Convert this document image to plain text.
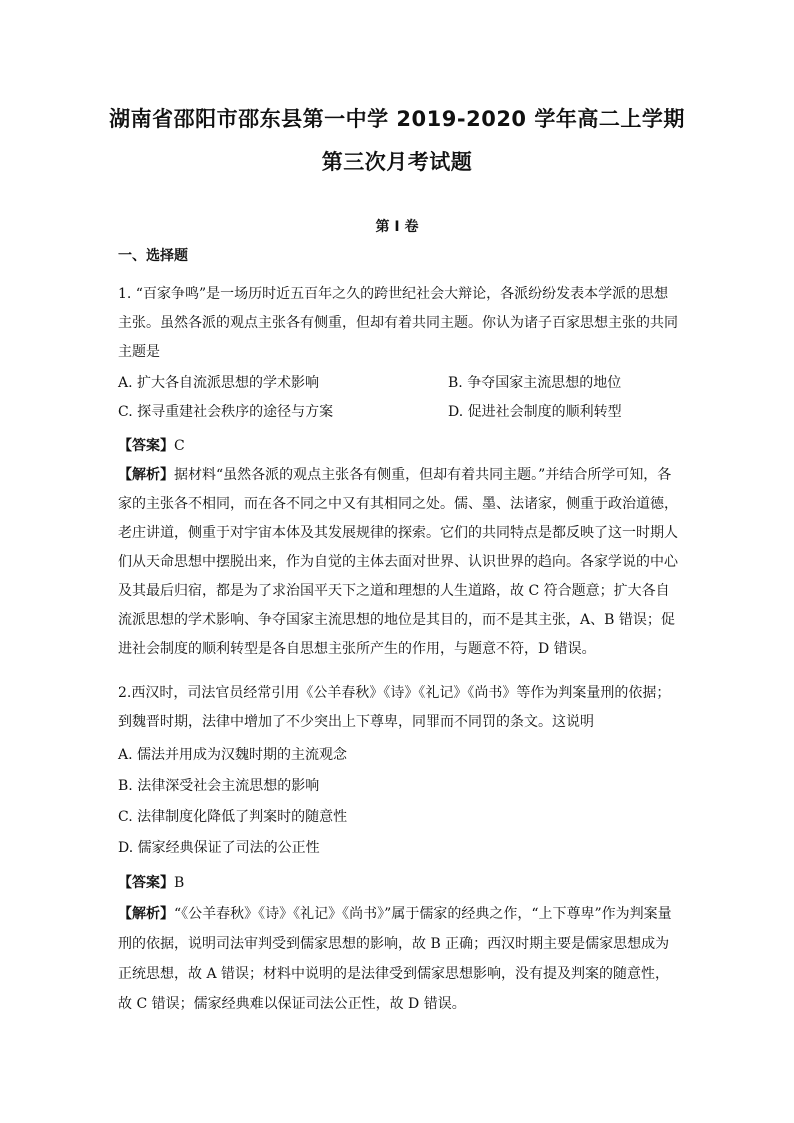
湖南省邵阳市邵东县第一中学 2019-2020 学年高二上学期
第三次月考试题
第 I 卷
一、选择题
1. “百家争鸣”是一场历时近五百年之久的跨世纪社会大辩论，各派纷纷发表本学派的思想主张。虽然各派的观点主张各有侧重，但却有着共同主题。你认为诸子百家思想主张的共同主题是
A. 扩大各自流派思想的学术影响	B. 争夺国家主流思想的地位
C. 探寻重建社会秩序的途径与方案	D. 促进社会制度的顺利转型
【答案】C
【解析】据材料“虽然各派的观点主张各有侧重，但却有着共同主题。”并结合所学可知，各家的主张各不相同，而在各不同之中又有其相同之处。儒、墨、法诸家，侧重于政治道德，老庄讲道，侧重于对宇宙本体及其发展规律的探索。它们的共同特点是都反映了这一时期人们从天命思想中摆脱出来，作为自觉的主体去面对世界、认识世界的趋向。各家学说的中心及其最后归宿，都是为了求治国平天下之道和理想的人生道路，故 C 符合题意；扩大各自流派思想的学术影响、争夺国家主流思想的地位是其目的，而不是其主张，A、B 错误；促进社会制度的顺利转型是各自思想主张所产生的作用，与题意不符，D 错误。
2.西汉时，司法官员经常引用《公羊春秋》《诗》《礼记》《尚书》等作为判案量刑的依据；到魏晋时期，法律中增加了不少突出上下尊卑，同罪而不同罚的条文。这说明

A. 儒法并用成为汉魏时期的主流观念

B. 法律深受社会主流思想的影响

C. 法律制度化降低了判案时的随意性

D. 儒家经典保证了司法的公正性

【答案】B
【解析】“《公羊春秋》《诗》《礼记》《尚书》”属于儒家的经典之作，“上下尊卑”作为判案量刑的依据，说明司法审判受到儒家思想的影响，故 B 正确；西汉时期主要是儒家思想成为正统思想，故 A 错误；材料中说明的是法律受到儒家思想影响，没有提及判案的随意性，故 C 错误；儒家经典难以保证司法公正性，故 D 错误。
